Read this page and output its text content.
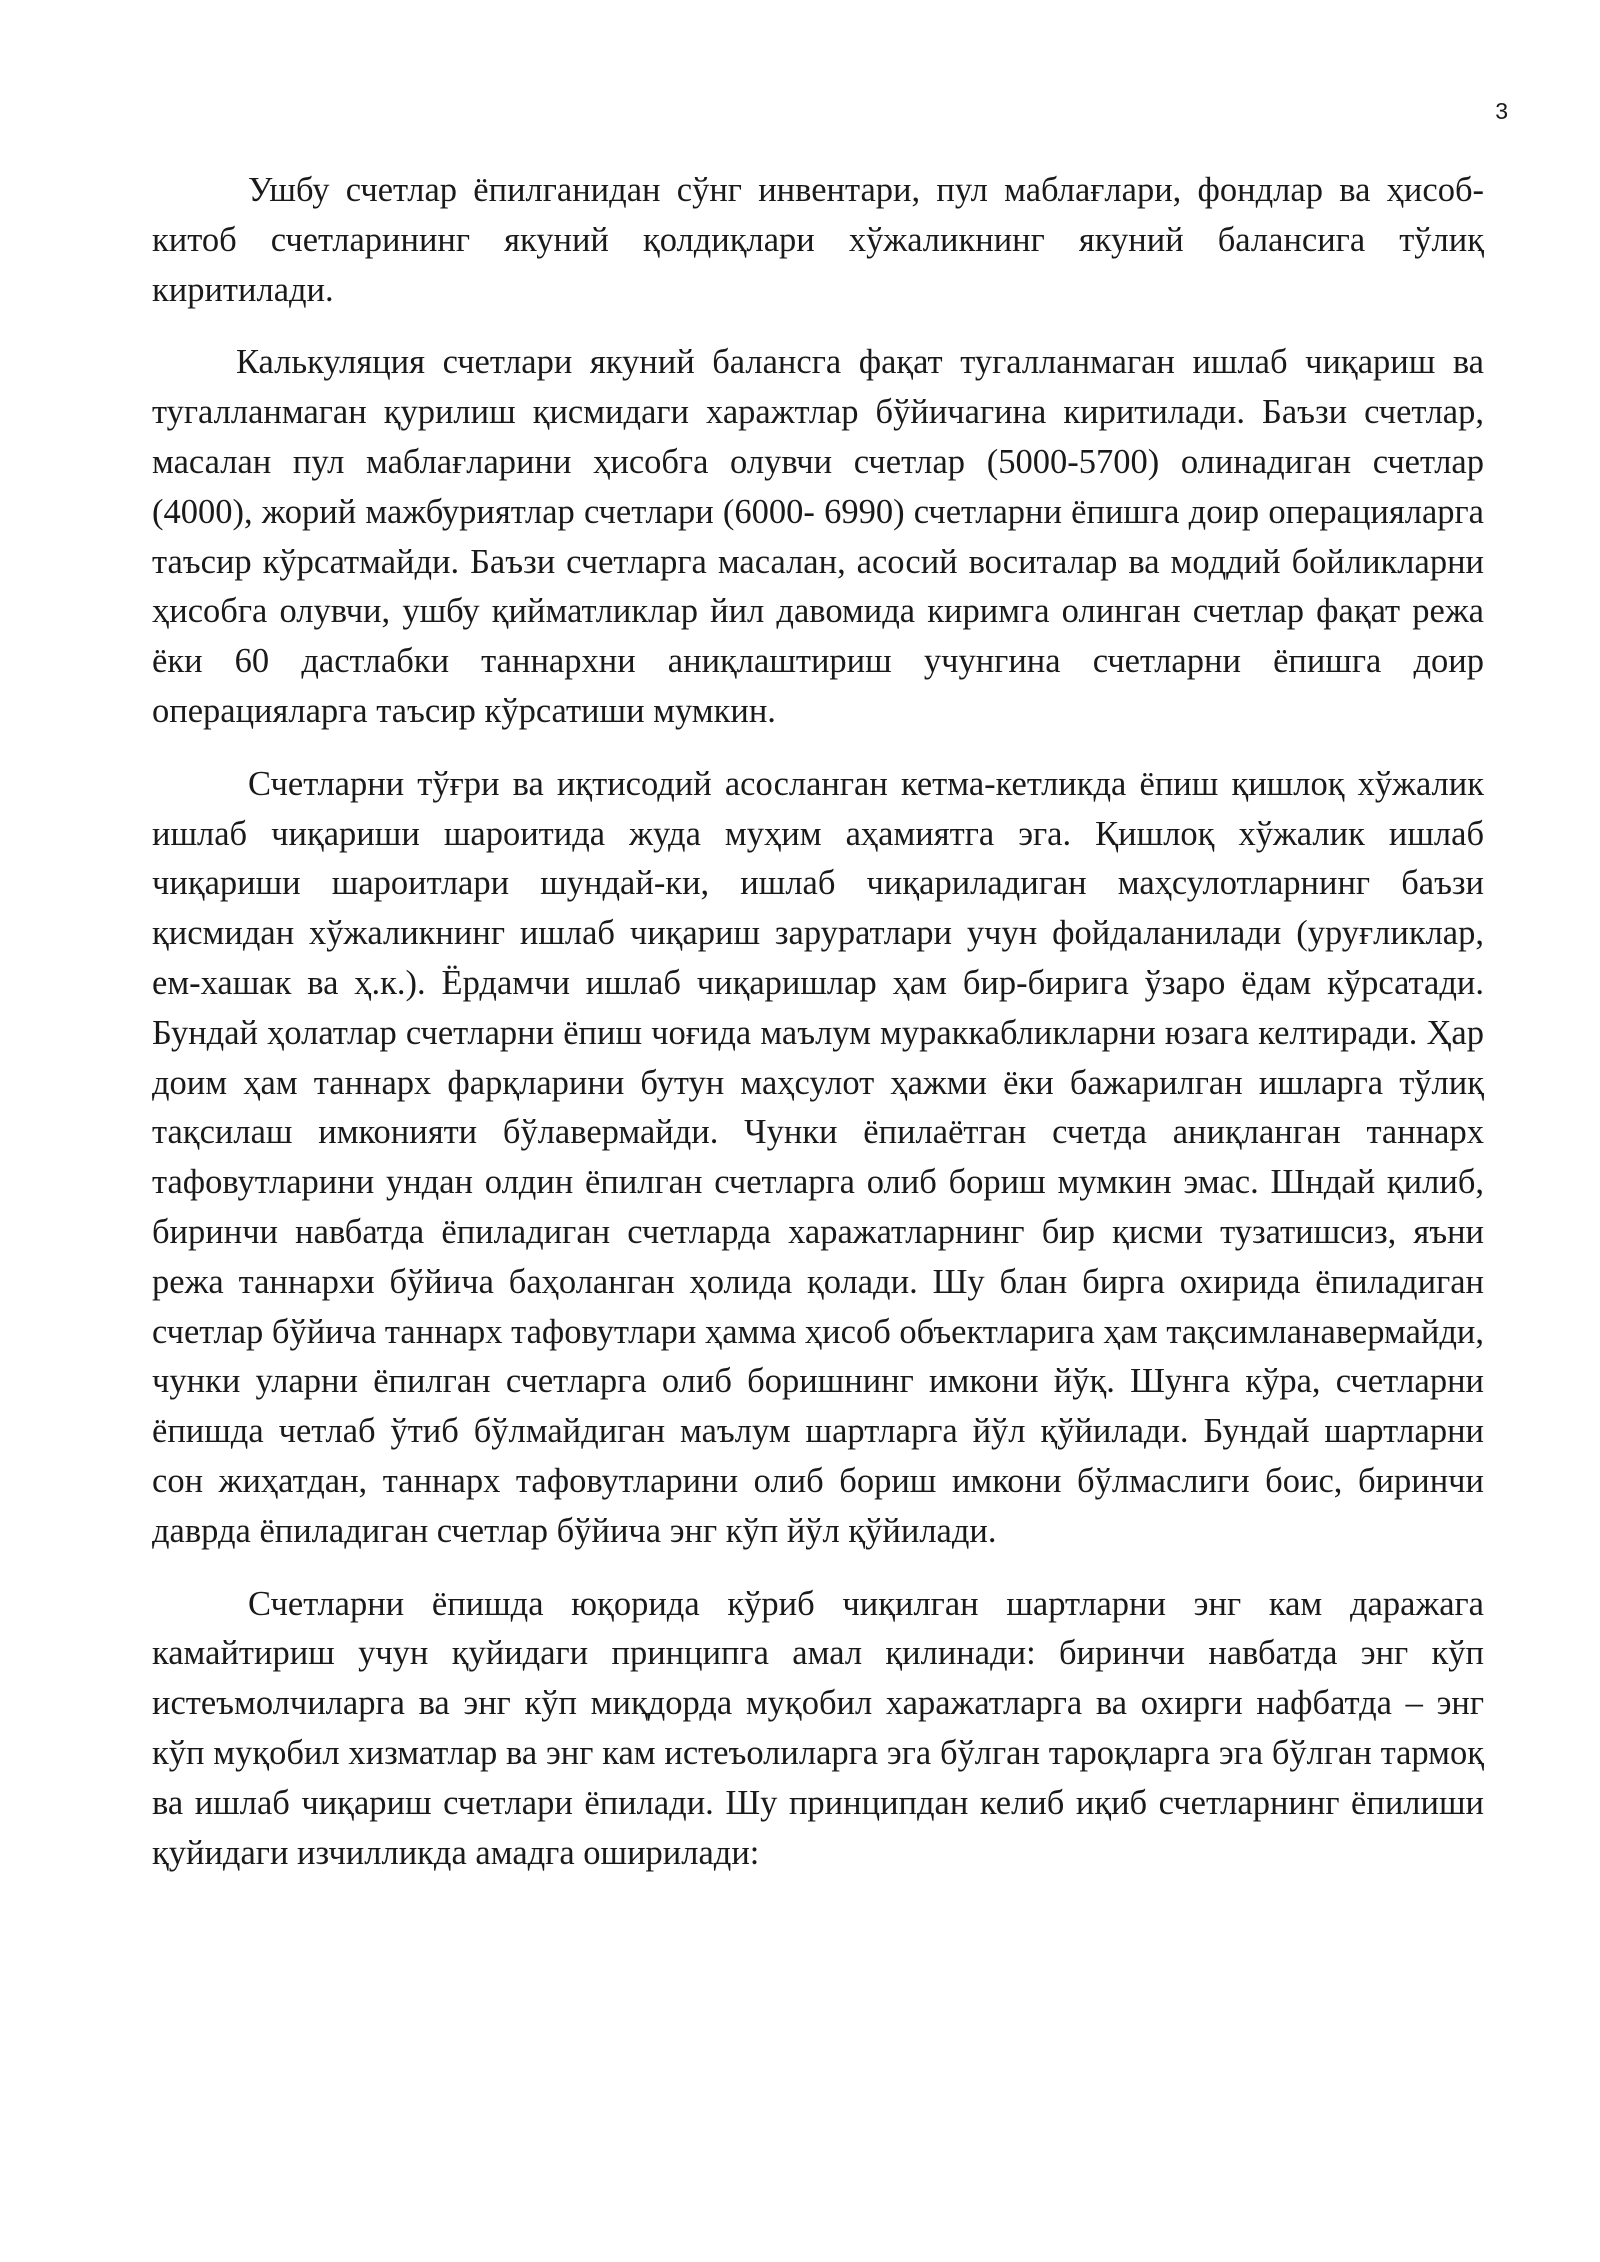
3

Ушбу счетлар ёпилганидан сўнг инвентари, пул маблағлари, фондлар ва ҳисоб-китоб счетларининг якуний қолдиқлари хўжаликнинг якуний балансига тўлиқ киритилади.

Калькуляция счетлари якуний балансга фақат тугалланмаган ишлаб чиқариш ва тугалланмаган қурилиш қисмидаги харажтлар бўйичагина киритилади. Баъзи счетлар, масалан пул маблағларини ҳисобга олувчи счетлар (5000-5700) олинадиган счетлар (4000), жорий мажбуриятлар счетлари (6000- 6990) счетларни ёпишга доир операцияларга таъсир кўрсатмайди. Баъзи счетларга масалан, асосий воситалар ва моддий бойликларни ҳисобга олувчи, ушбу қийматликлар йил давомида киримга олинган счетлар фақат режа ёки 60 дастлабки таннархни аниқлаштириш учунгина счетларни ёпишга доир операцияларга таъсир кўрсатиши мумкин.

Счетларни тўғри ва иқтисодий асосланган кетма-кетликда ёпиш қишлоқ хўжалик ишлаб чиқариши шароитида жуда муҳим аҳамиятга эга. Қишлоқ хўжалик ишлаб чиқариши шароитлари шундай-ки, ишлаб чиқариладиган маҳсулотларнинг баъзи қисмидан хўжаликнинг ишлаб чиқариш заруратлари учун фойдаланилади (уруғликлар, ем-хашак ва ҳ.к.). Ёрдамчи ишлаб чиқаришлар ҳам бир-бирига ўзаро ёдам кўрсатади. Бундай ҳолатлар счетларни ёпиш чоғида маълум мураккабликларни юзага келтиради. Ҳар доим ҳам таннарх фарқларини бутун маҳсулот ҳажми ёки бажарилган ишларга тўлиқ тақсилаш имконияти бўлавермайди. Чунки ёпилаётган счетда аниқланган таннарх тафовутларини ундан олдин ёпилган счетларга олиб бориш мумкин эмас. Шндай қилиб, биринчи навбатда ёпиладиган счетларда харажатларнинг бир қисми тузатишсиз, яъни режа таннархи бўйича баҳоланган ҳолида қолади. Шу блан бирга охирида ёпиладиган счетлар бўйича таннарх тафовутлари ҳамма ҳисоб объектларига ҳам тақсимланавермайди, чунки уларни ёпилган счетларга олиб боришнинг имкони йўқ. Шунга кўра, счетларни ёпишда четлаб ўтиб бўлмайдиган маълум шартларга йўл қўйилади. Бундай шартларни сон жиҳатдан, таннарх тафовутларини олиб бориш имкони бўлмаслиги боис, биринчи даврда ёпиладиган счетлар бўйича энг кўп йўл қўйилади.

Счетларни ёпишда юқорида кўриб чиқилган шартларни энг кам даражага камайтириш учун қуйидаги принципга амал қилинади: биринчи навбатда энг кўп истеъмолчиларга ва энг кўп миқдорда муқобил харажатларга ва охирги нафбатда – энг кўп муқобил хизматлар ва энг кам истеъолиларга эга бўлган тароқларга эга бўлган тармоқ ва ишлаб чиқариш счетлари ёпилади. Шу принципдан келиб иқиб счетларнинг ёпилиши қуйидаги изчилликда амадга оширилади:
